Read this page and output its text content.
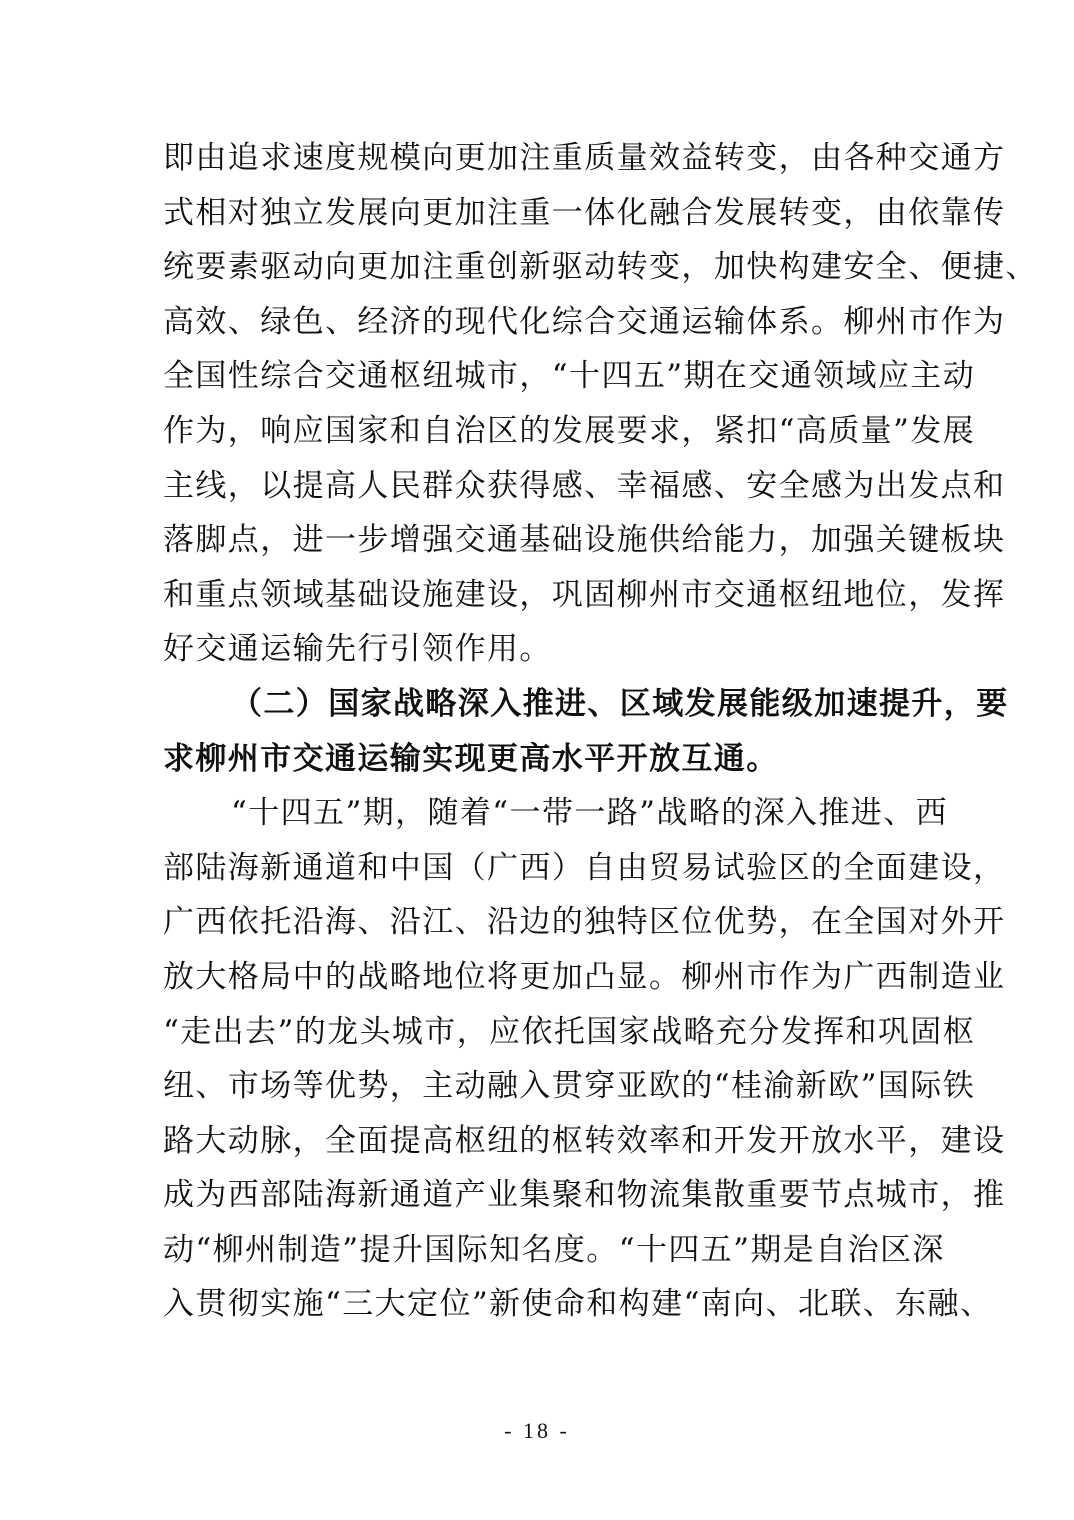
即由追求速度规模向更加注重质量效益转变，由各种交通方
式相对独立发展向更加注重一体化融合发展转变，由依靠传
统要素驱动向更加注重创新驱动转变，加快构建安全、便捷、
高效、绿色、经济的现代化综合交通运输体系。柳州市作为
全国性综合交通枢纽城市，“十四五”期在交通领域应主动
作为，响应国家和自治区的发展要求，紧扣“高质量”发展
主线，以提高人民群众获得感、幸福感、安全感为出发点和
落脚点，进一步增强交通基础设施供给能力，加强关键板块
和重点领域基础设施建设，巩固柳州市交通枢纽地位，发挥
好交通运输先行引领作用。
（二）国家战略深入推进、区域发展能级加速提升，要
求柳州市交通运输实现更高水平开放互通。
“十四五”期，随着“一带一路”战略的深入推进、西
部陆海新通道和中国（广西）自由贸易试验区的全面建设，
广西依托沿海、沿江、沿边的独特区位优势，在全国对外开
放大格局中的战略地位将更加凸显。柳州市作为广西制造业
“走出去”的龙头城市，应依托国家战略充分发挥和巩固枢
纽、市场等优势，主动融入贯穿亚欧的“桂渝新欧”国际铁
路大动脉，全面提高枢纽的枢转效率和开发开放水平，建设
成为西部陆海新通道产业集聚和物流集散重要节点城市，推
动“柳州制造”提升国际知名度。“十四五”期是自治区深
入贯彻实施“三大定位”新使命和构建“南向、北联、东融、
- 18 -
